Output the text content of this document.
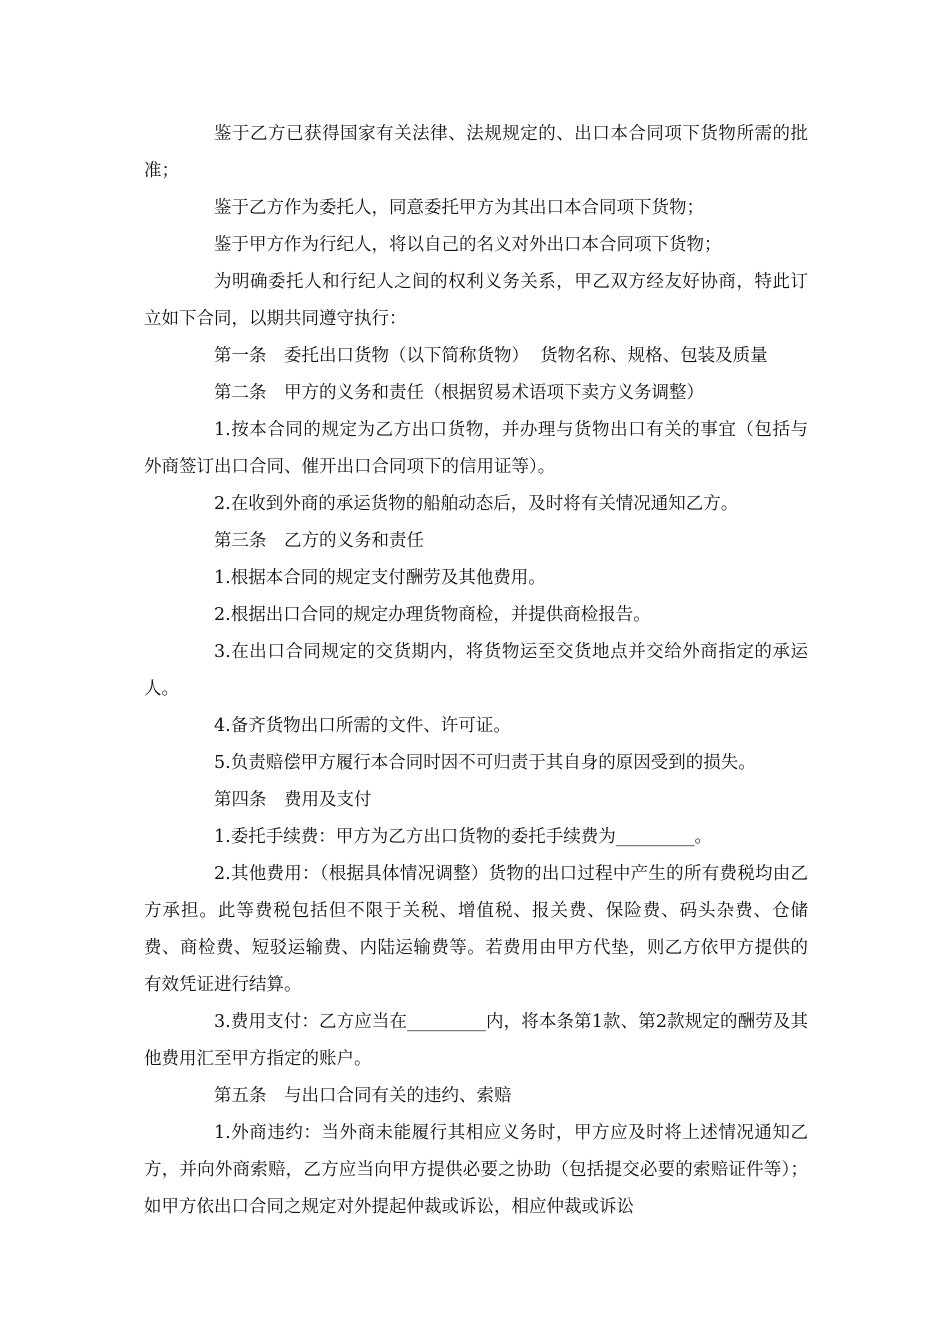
鉴于乙方已获得国家有关法律、法规规定的、出口本合同项下货物所需的批准；

鉴于乙方作为委托人，同意委托甲方为其出口本合同项下货物；

鉴于甲方作为行纪人，将以自己的名义对外出口本合同项下货物；

为明确委托人和行纪人之间的权利义务关系，甲乙双方经友好协商，特此订立如下合同，以期共同遵守执行：

第一条　委托出口货物（以下简称货物）  货物名称、规格、包装及质量

第二条　甲方的义务和责任（根据贸易术语项下卖方义务调整）

1.按本合同的规定为乙方出口货物，并办理与货物出口有关的事宜（包括与外商签订出口合同、催开出口合同项下的信用证等）。

2.在收到外商的承运货物的船舶动态后，及时将有关情况通知乙方。

第三条　乙方的义务和责任

1.根据本合同的规定支付酬劳及其他费用。

2.根据出口合同的规定办理货物商检，并提供商检报告。

3.在出口合同规定的交货期内，将货物运至交货地点并交给外商指定的承运人。

4.备齐货物出口所需的文件、许可证。

5.负责赔偿甲方履行本合同时因不可归责于其自身的原因受到的损失。

第四条　费用及支付

1.委托手续费：甲方为乙方出口货物的委托手续费为_________。

2.其他费用：（根据具体情况调整）货物的出口过程中产生的所有费税均由乙方承担。此等费税包括但不限于关税、增值税、报关费、保险费、码头杂费、仓储费、商检费、短驳运输费、内陆运输费等。若费用由甲方代垫，则乙方依甲方提供的有效凭证进行结算。

3.费用支付：乙方应当在_________内，将本条第1款、第2款规定的酬劳及其他费用汇至甲方指定的账户。

第五条　与出口合同有关的违约、索赔

1.外商违约：当外商未能履行其相应义务时，甲方应及时将上述情况通知乙方，并向外商索赔，乙方应当向甲方提供必要之协助（包括提交必要的索赔证件等）；如甲方依出口合同之规定对外提起仲裁或诉讼，相应仲裁或诉讼
